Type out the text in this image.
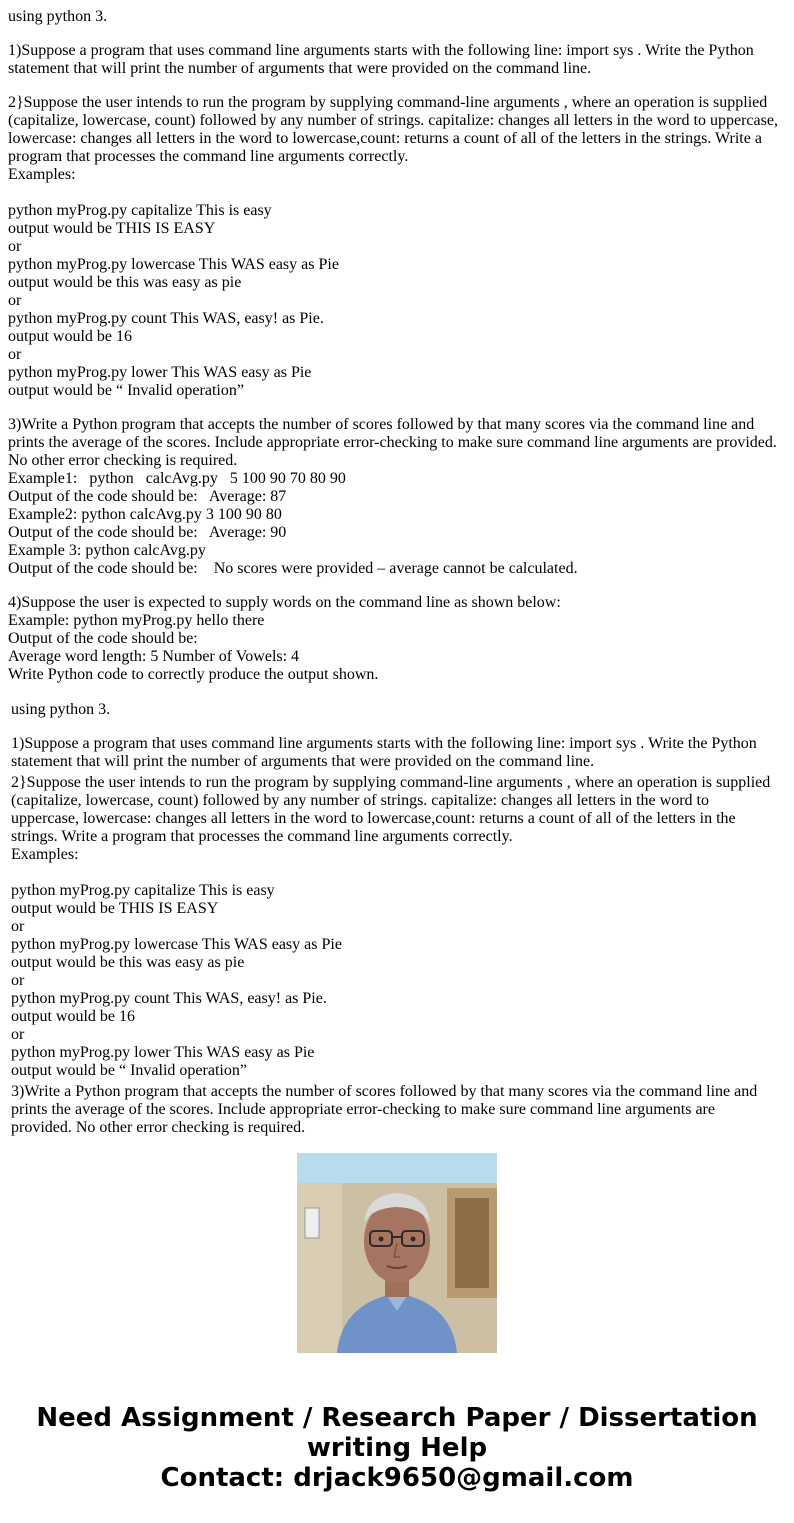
using python 3.
1)Suppose a program that uses command line arguments starts with the following line: import sys . Write the Python
statement that will print the number of arguments that were provided on the command line.
2}Suppose the user intends to run the program by supplying command-line arguments , where an operation is supplied
(capitalize, lowercase, count) followed by any number of strings. capitalize: changes all letters in the word to uppercase,
lowercase: changes all letters in the word to lowercase,count: returns a count of all of the letters in the strings. Write a
program that processes the command line arguments correctly.
Examples:
python myProg.py capitalize This is easy
output would be THIS IS EASY
or
python myProg.py lowercase This WAS easy as Pie
output would be this was easy as pie
or
python myProg.py count This WAS, easy! as Pie.
output would be 16
or
python myProg.py lower This WAS easy as Pie
output would be “ Invalid operation”
3)Write a Python program that accepts the number of scores followed by that many scores via the command line and
prints the average of the scores. Include appropriate error-checking to make sure command line arguments are provided.
No other error checking is required.
Example1:   python   calcAvg.py   5 100 90 70 80 90
Output of the code should be:   Average: 87
Example2: python calcAvg.py 3 100 90 80
Output of the code should be:   Average: 90
Example 3: python calcAvg.py
Output of the code should be:    No scores were provided – average cannot be calculated.
4)Suppose the user is expected to supply words on the command line as shown below:
Example: python myProg.py hello there
Output of the code should be:
Average word length: 5 Number of Vowels: 4
Write Python code to correctly produce the output shown.
using python 3.
1)Suppose a program that uses command line arguments starts with the following line: import sys . Write the Python
statement that will print the number of arguments that were provided on the command line.
2}Suppose the user intends to run the program by supplying command-line arguments , where an operation is supplied
(capitalize, lowercase, count) followed by any number of strings. capitalize: changes all letters in the word to
uppercase, lowercase: changes all letters in the word to lowercase,count: returns a count of all of the letters in the
strings. Write a program that processes the command line arguments correctly.
Examples:
python myProg.py capitalize This is easy
output would be THIS IS EASY
or
python myProg.py lowercase This WAS easy as Pie
output would be this was easy as pie
or
python myProg.py count This WAS, easy! as Pie.
output would be 16
or
python myProg.py lower This WAS easy as Pie
output would be “ Invalid operation”
3)Write a Python program that accepts the number of scores followed by that many scores via the command line and
prints the average of the scores. Include appropriate error-checking to make sure command line arguments are
provided. No other error checking is required.
Need Assignment / Research Paper / Dissertation
writing Help
Contact: drjack9650@gmail.com
